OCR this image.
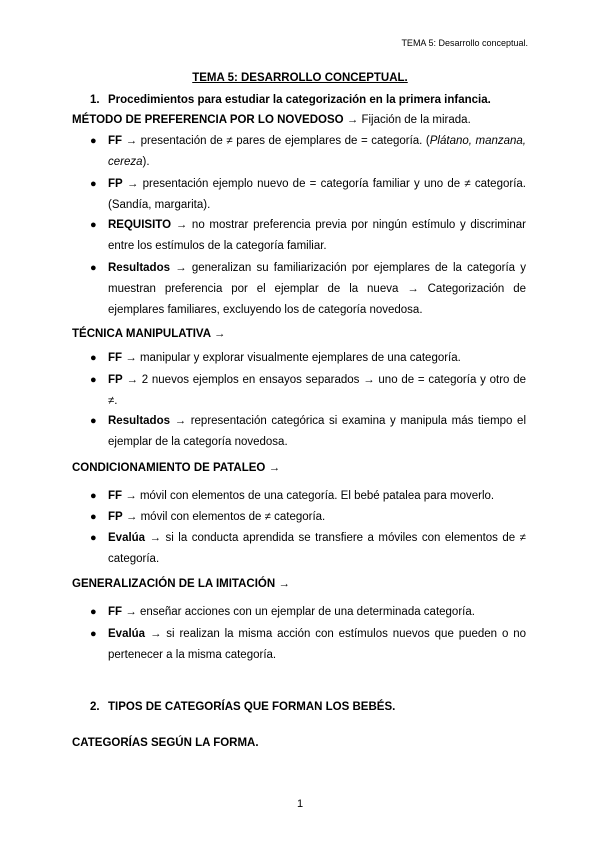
TEMA 5: Desarrollo conceptual.
TEMA 5: DESARROLLO CONCEPTUAL.
1. Procedimientos para estudiar la categorización en la primera infancia.
MÉTODO DE PREFERENCIA POR LO NOVEDOSO → Fijación de la mirada.
● FF → presentación de ≠ pares de ejemplares de = categoría. (Plátano, manzana, cereza).
● FP → presentación ejemplo nuevo de = categoría familiar y uno de ≠ categoría. (Sandía, margarita).
● REQUISITO → no mostrar preferencia previa por ningún estímulo y discriminar entre los estímulos de la categoría familiar.
● Resultados → generalizan su familiarización por ejemplares de la categoría y muestran preferencia por el ejemplar de la nueva → Categorización de ejemplares familiares, excluyendo los de categoría novedosa.
TÉCNICA MANIPULATIVA →
● FF → manipular y explorar visualmente ejemplares de una categoría.
● FP → 2 nuevos ejemplos en ensayos separados → uno de = categoría y otro de ≠.
● Resultados → representación categórica si examina y manipula más tiempo el ejemplar de la categoría novedosa.
CONDICIONAMIENTO DE PATALEO →
● FF → móvil con elementos de una categoría. El bebé patalea para moverlo.
● FP → móvil con elementos de ≠ categoría.
● Evalúa → si la conducta aprendida se transfiere a móviles con elementos de ≠ categoría.
GENERALIZACIÓN DE LA IMITACIÓN →
● FF → enseñar acciones con un ejemplar de una determinada categoría.
● Evalúa → si realizan la misma acción con estímulos nuevos que pueden o no pertenecer a la misma categoría.
2. TIPOS DE CATEGORÍAS QUE FORMAN LOS BEBÉS.
CATEGORÍAS SEGÚN LA FORMA.
1
